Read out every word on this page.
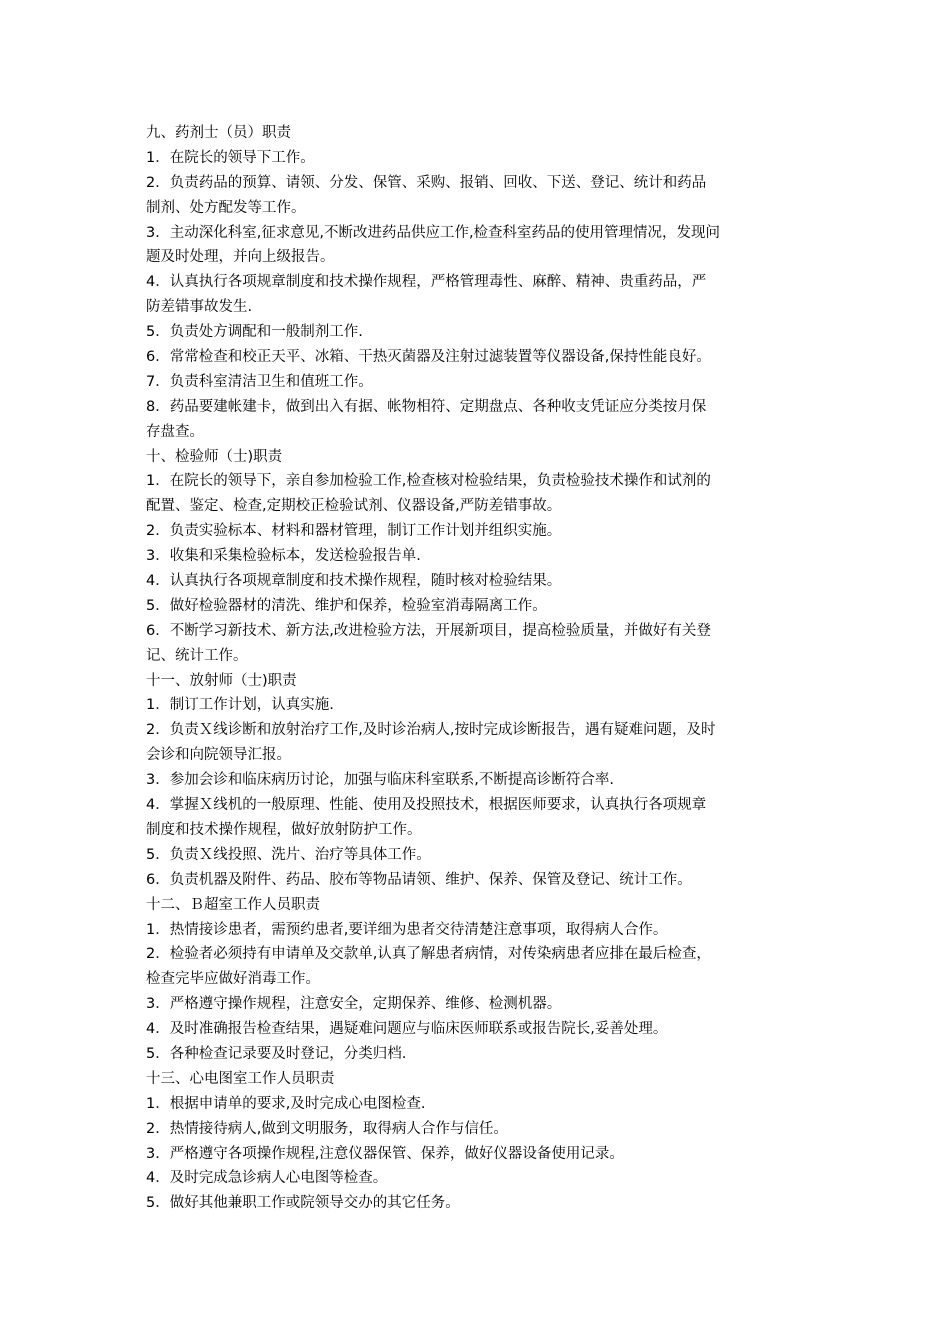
九、药剂士（员）职责
1．在院长的领导下工作。
2．负责药品的预算、请领、分发、保管、采购、报销、回收、下送、登记、统计和药品
制剂、处方配发等工作。
3．主动深化科室,征求意见,不断改进药品供应工作,检查科室药品的使用管理情况，发现问
题及时处理，并向上级报告。
4．认真执行各项规章制度和技术操作规程，严格管理毒性、麻醉、精神、贵重药品，严
防差错事故发生.
5．负责处方调配和一般制剂工作.
6．常常检查和校正天平、冰箱、干热灭菌器及注射过滤装置等仪器设备,保持性能良好。
7．负责科室清洁卫生和值班工作。
8．药品要建帐建卡，做到出入有据、帐物相符、定期盘点、各种收支凭证应分类按月保
存盘查。
十、检验师（士)职责
1．在院长的领导下，亲自参加检验工作,检查核对检验结果，负责检验技术操作和试剂的
配置、鉴定、检查,定期校正检验试剂、仪器设备,严防差错事故。
2．负责实验标本、材料和器材管理，制订工作计划并组织实施。
3．收集和采集检验标本，发送检验报告单.
4．认真执行各项规章制度和技术操作规程，随时核对检验结果。
5．做好检验器材的清洗、维护和保养，检验室消毒隔离工作。
6．不断学习新技术、新方法,改进检验方法，开展新项目，提高检验质量，并做好有关登
记、统计工作。
十一、放射师（士)职责
1．制订工作计划，认真实施.
2．负责Ｘ线诊断和放射治疗工作,及时诊治病人,按时完成诊断报告，遇有疑难问题，及时
会诊和向院领导汇报。
3．参加会诊和临床病历讨论，加强与临床科室联系,不断提高诊断符合率.
4．掌握Ｘ线机的一般原理、性能、使用及投照技术，根据医师要求，认真执行各项规章
制度和技术操作规程，做好放射防护工作。
5．负责Ｘ线投照、洗片、治疗等具体工作。
6．负责机器及附件、药品、胶布等物品请领、维护、保养、保管及登记、统计工作。
十二、Ｂ超室工作人员职责
1．热情接诊患者，需预约患者,要详细为患者交待清楚注意事项，取得病人合作。
2．检验者必须持有申请单及交款单,认真了解患者病情，对传染病患者应排在最后检查，
检查完毕应做好消毒工作。
3．严格遵守操作规程，注意安全，定期保养、维修、检测机器。
4．及时准确报告检查结果，遇疑难问题应与临床医师联系或报告院长,妥善处理。
5．各种检查记录要及时登记，分类归档.
十三、心电图室工作人员职责
1．根据申请单的要求,及时完成心电图检查.
2．热情接待病人,做到文明服务，取得病人合作与信任。
3．严格遵守各项操作规程,注意仪器保管、保养，做好仪器设备使用记录。
4．及时完成急诊病人心电图等检查。
5．做好其他兼职工作或院领导交办的其它任务。
